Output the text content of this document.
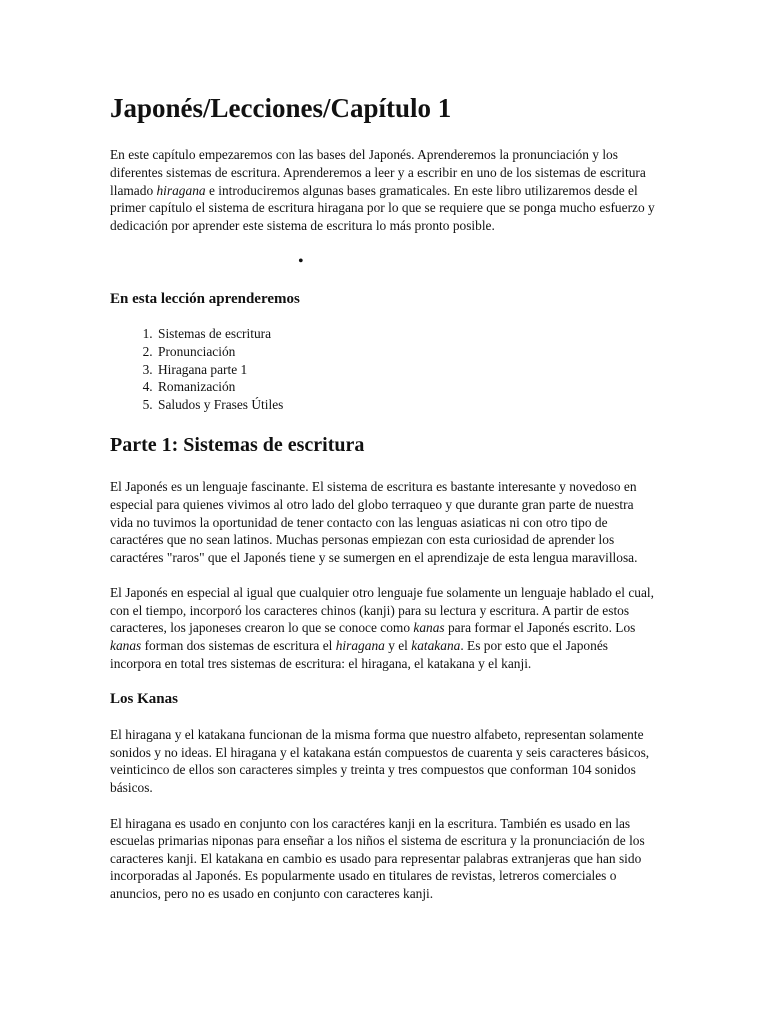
Japonés/Lecciones/Capítulo 1

En este capítulo empezaremos con las bases del Japonés. Aprenderemos la pronunciación y los diferentes sistemas de escritura. Aprenderemos a leer y a escribir en uno de los sistemas de escritura llamado hiragana e introduciremos algunas bases gramaticales. En este libro utilizaremos desde el primer capítulo el sistema de escritura hiragana por lo que se requiere que se ponga mucho esfuerzo y dedicación por aprender este sistema de escritura lo más pronto posible.

•
En esta lección aprenderemos
1. Sistemas de escritura
2. Pronunciación
3. Hiragana parte 1
4. Romanización
5. Saludos y Frases Útiles
Parte 1: Sistemas de escritura

El Japonés es un lenguaje fascinante. El sistema de escritura es bastante interesante y novedoso en especial para quienes vivimos al otro lado del globo terraqueo y que durante gran parte de nuestra vida no tuvimos la oportunidad de tener contacto con las lenguas asiaticas ni con otro tipo de caractéres que no sean latinos. Muchas personas empiezan con esta curiosidad de aprender los caractéres "raros" que el Japonés tiene y se sumergen en el aprendizaje de esta lengua maravillosa.

El Japonés en especial al igual que cualquier otro lenguaje fue solamente un lenguaje hablado el cual, con el tiempo, incorporó los caracteres chinos (kanji) para su lectura y escritura. A partir de estos caracteres, los japoneses crearon lo que se conoce como kanas para formar el Japonés escrito. Los kanas forman dos sistemas de escritura el hiragana y el katakana. Es por esto que el Japonés incorpora en total tres sistemas de escritura: el hiragana, el katakana y el kanji.

Los Kanas

El hiragana y el katakana funcionan de la misma forma que nuestro alfabeto, representan solamente sonidos y no ideas. El hiragana y el katakana están compuestos de cuarenta y seis caracteres básicos, veinticinco de ellos son caracteres simples y treinta y tres compuestos que conforman 104 sonidos básicos.

El hiragana es usado en conjunto con los caractéres kanji en la escritura. También es usado en las escuelas primarias niponas para enseñar a los niños el sistema de escritura y la pronunciación de los caracteres kanji. El katakana en cambio es usado para representar palabras extranjeras que han sido incorporadas al Japonés. Es popularmente usado en titulares de revistas, letreros comerciales o anuncios, pero no es usado en conjunto con caracteres kanji.
